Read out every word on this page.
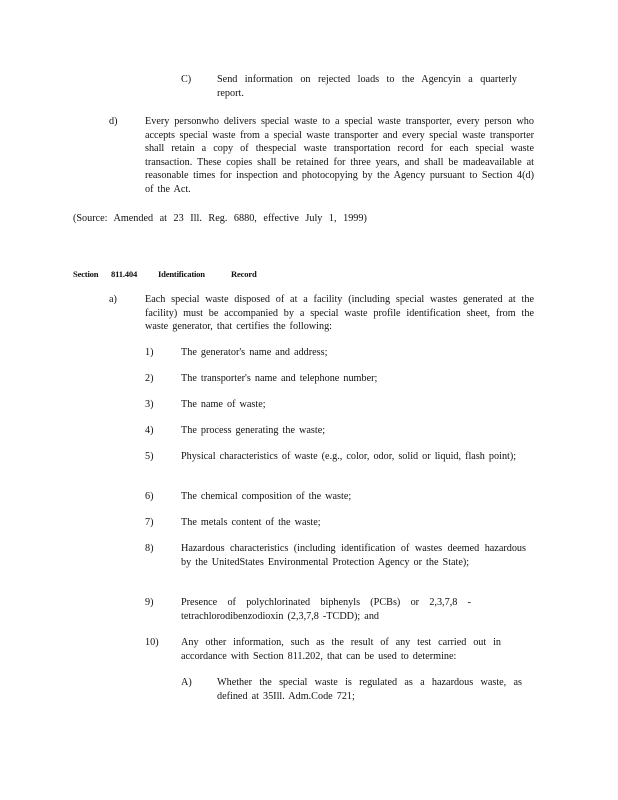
C)	Send information on rejected loads to the Agencyin a quarterly report.
d)	Every personwho delivers special waste to a special waste transporter, every person who accepts special waste from a special waste transporter and every special waste transporter shall retain a copy of thespecial waste transportation record for each special waste transaction. These copies shall be retained for three years, and shall be madeavailable at reasonable times for inspection and photocopying by the Agency pursuant to Section 4(d) of the Act.
(Source: Amended at 23 Ill. Reg. 6880, effective July 1, 1999)
Section 811.404 Identification	Record
a)	Each special waste disposed of at a facility (including special wastes generated at the facility) must be accompanied by a special waste profile identification sheet, from the waste generator, that certifies the following:
1)	The generator's name and address;
2)	The transporter's name and telephone number;
3)	The name of waste;
4)	The process generating the waste;
5)	Physical characteristics of waste (e.g., color, odor, solid or liquid, flash point);
6)	The chemical composition of the waste;
7)	The metals content of the waste;
8)	Hazardous characteristics (including identification of wastes deemed hazardous by the UnitedStates Environmental Protection Agency or the State);
9)	Presence of polychlorinated biphenyls (PCBs) or 2,3,7,8 - tetrachlorodibenzodioxin (2,3,7,8 -TCDD); and
10) Any other information, such as the result of any test carried out in accordance with Section 811.202, that can be used to determine:
A) Whether the special waste is regulated as a hazardous waste, as defined at 35Ill. Adm.Code 721;
